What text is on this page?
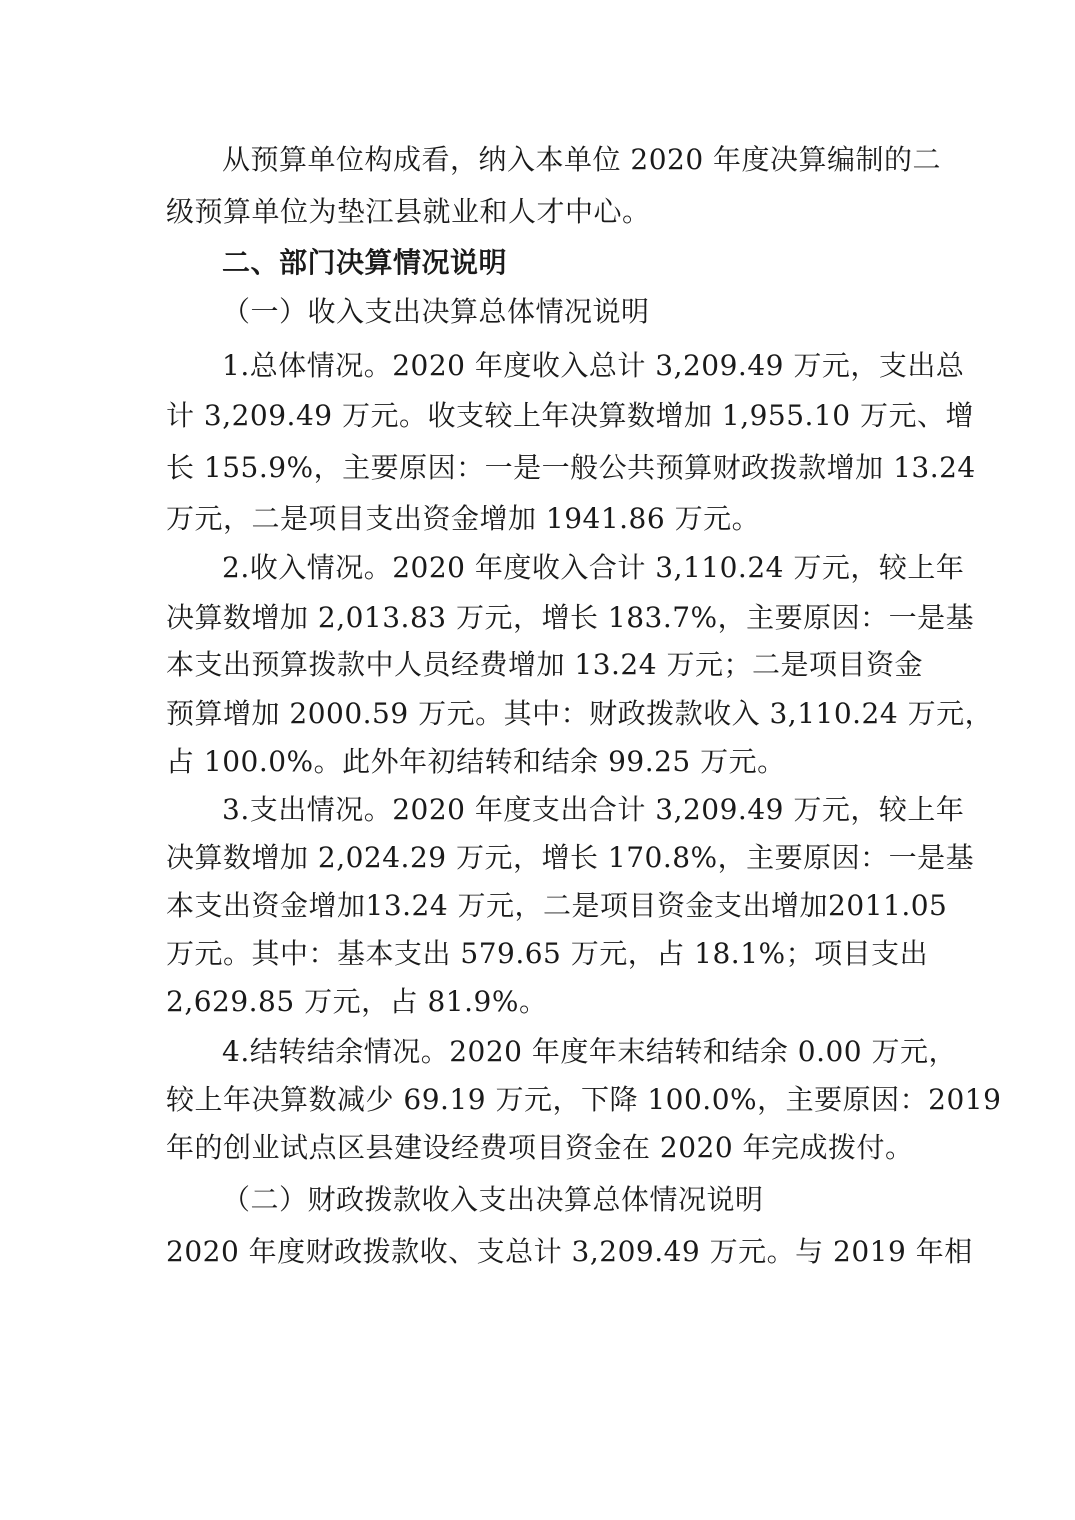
从预算单位构成看，纳入本单位 2020 年度决算编制的二
级预算单位为垫江县就业和人才中心。
二、部门决算情况说明
（一）收入支出决算总体情况说明
1.总体情况。2020 年度收入总计 3,209.49 万元，支出总
计 3,209.49 万元。收支较上年决算数增加 1,955.10 万元、增
长 155.9%，主要原因：一是一般公共预算财政拨款增加 13.24
万元，二是项目支出资金增加 1941.86 万元。
2.收入情况。2020 年度收入合计 3,110.24 万元，较上年
决算数增加 2,013.83 万元，增长 183.7%，主要原因：一是基
本支出预算拨款中人员经费增加 13.24 万元；二是项目资金
预算增加 2000.59 万元。其中：财政拨款收入 3,110.24 万元，
占 100.0%。此外年初结转和结余 99.25 万元。
3.支出情况。2020 年度支出合计 3,209.49 万元，较上年
决算数增加 2,024.29 万元，增长 170.8%，主要原因：一是基
本支出资金增加13.24 万元，二是项目资金支出增加2011.05
万元。其中：基本支出 579.65 万元，占 18.1%；项目支出
2,629.85 万元，占 81.9%。
4.结转结余情况。2020 年度年末结转和结余 0.00 万元，
较上年决算数减少 69.19 万元，下降 100.0%，主要原因：2019
年的创业试点区县建设经费项目资金在 2020 年完成拨付。
（二）财政拨款收入支出决算总体情况说明
2020 年度财政拨款收、支总计 3,209.49 万元。与 2019 年相
